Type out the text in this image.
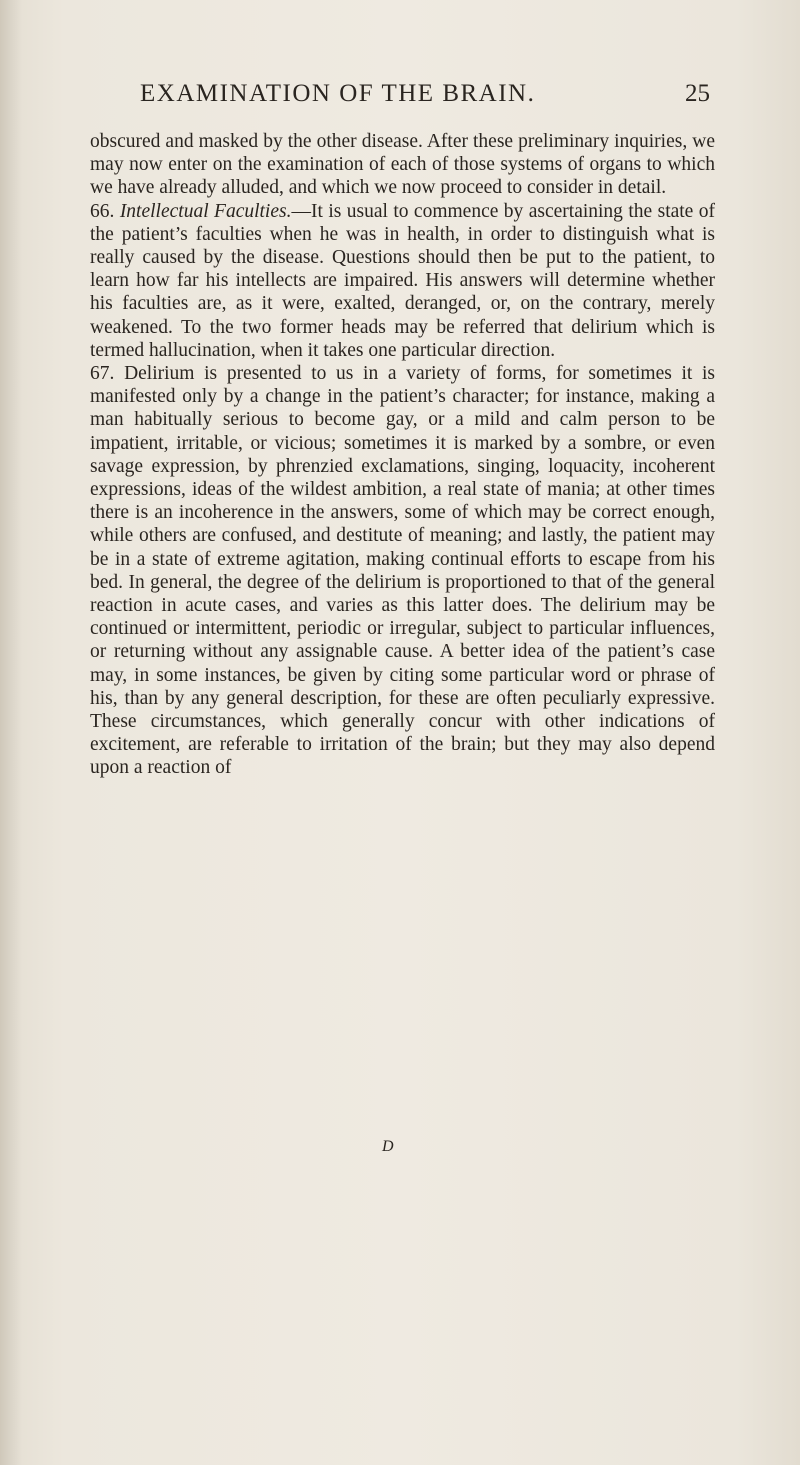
EXAMINATION OF THE BRAIN.	25

obscured and masked by the other disease. After these preliminary inquiries, we may now enter on the examination of each of those systems of organs to which we have already alluded, and which we now proceed to consider in detail.

66. Intellectual Faculties.—It is usual to commence by ascertaining the state of the patient’s faculties when he was in health, in order to distinguish what is really caused by the disease. Questions should then be put to the patient, to learn how far his intellects are impaired. His answers will determine whether his faculties are, as it were, exalted, deranged, or, on the contrary, merely weakened. To the two former heads may be referred that delirium which is termed hallucination, when it takes one particular direction.

67. Delirium is presented to us in a variety of forms, for sometimes it is manifested only by a change in the patient’s character; for instance, making a man habitually serious to become gay, or a mild and calm person to be impatient, irritable, or vicious; sometimes it is marked by a sombre, or even savage expression, by phrenzied exclamations, singing, loquacity, incoherent expressions, ideas of the wildest ambition, a real state of mania; at other times there is an incoherence in the answers, some of which may be correct enough, while others are confused, and destitute of meaning; and lastly, the patient may be in a state of extreme agitation, making continual efforts to escape from his bed. In general, the degree of the delirium is proportioned to that of the general reaction in acute cases, and varies as this latter does. The delirium may be continued or intermittent, periodic or irregular, subject to particular influences, or returning without any assignable cause. A better idea of the patient’s case may, in some instances, be given by citing some particular word or phrase of his, than by any general description, for these are often peculiarly expressive. These circumstances, which generally concur with other indications of excitement, are referable to irritation of the brain; but they may also depend upon a reaction of

D
